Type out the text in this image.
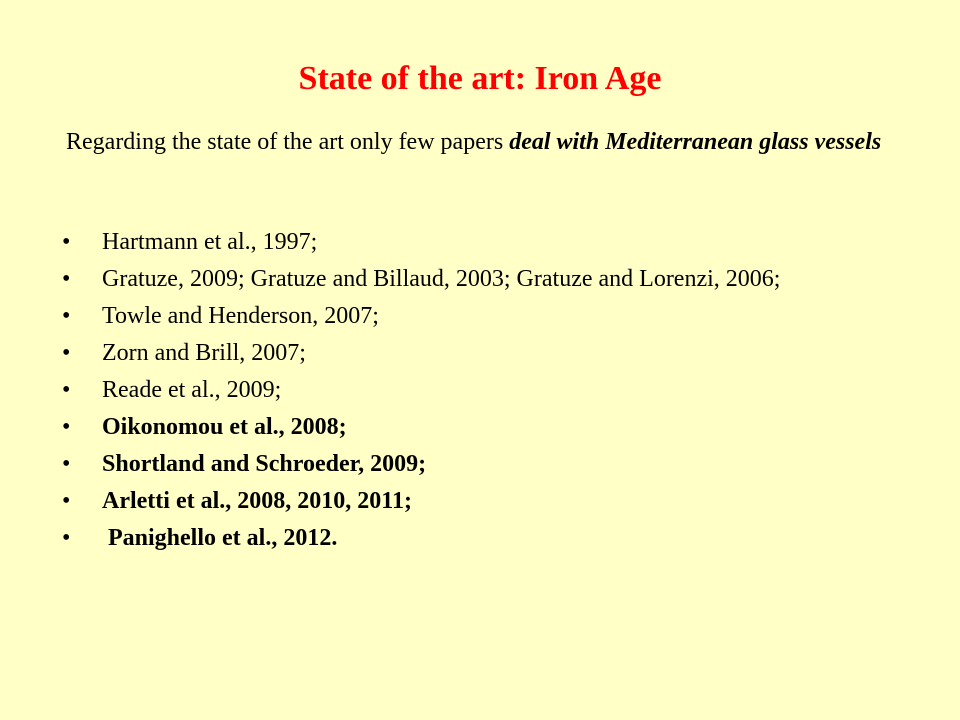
State of the art: Iron Age

Regarding the state of the art only few papers deal with Mediterranean glass vessels

•	Hartmann et al., 1997;
•	Gratuze, 2009; Gratuze and Billaud, 2003; Gratuze and Lorenzi, 2006;
•	Towle and Henderson, 2007;
•	Zorn and Brill, 2007;
•	Reade et al., 2009;
•	Oikonomou et al., 2008;
•	Shortland and Schroeder, 2009;
•	Arletti et al., 2008, 2010, 2011;
•	Panighello et al., 2012.
